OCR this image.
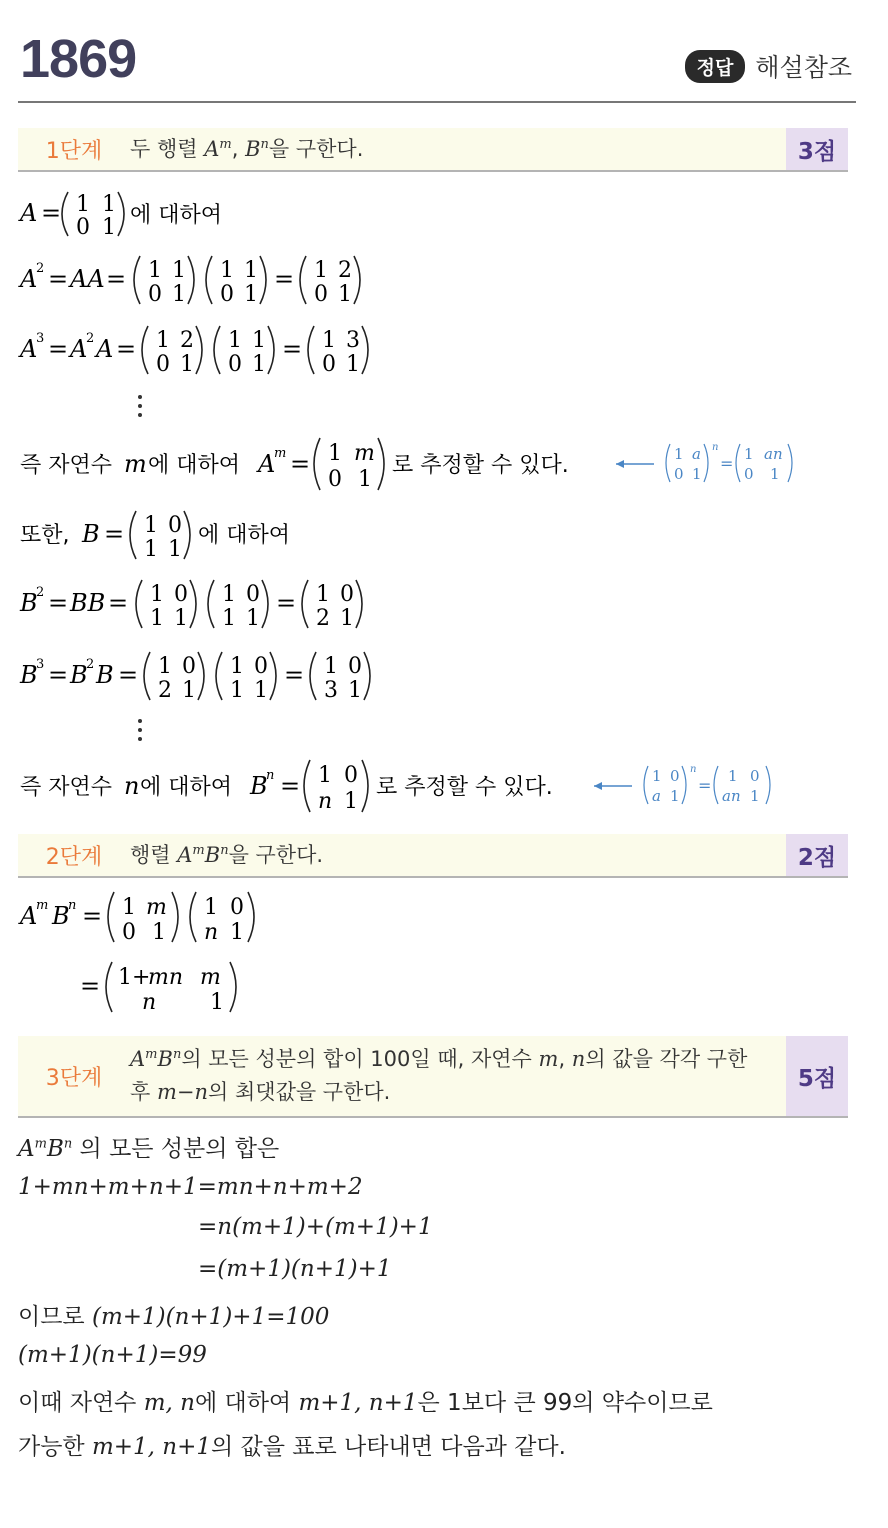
1869	정답 해설참조
1단계	두 행렬 $A^m$, $B^n$을 구한다.	3점
A = 1 1
0 1 에 대하여
A
2 = AA = 1 1
0 1
1 1
0 1
= 1 2
0 1
A
3 = A
2 A = 1 2
0 1
1 1
0 1
= 1 3
0 1
즉 자연수 m 에 대하여 A
m = 1 m
0 1
로 추정할 수 있다.	1 a
0 1
n
= 1 an
0 1
또한, B = 1 0
1 1
에 대하여
B
2 = BB = 1 0
1 1
1 0
1 1
= 1 0
2 1
B
3 = B
2 B = 1 0
2 1
1 0
1 1
= 1 0
3 1
즉 자연수 n 에 대하여 B
n = 1 0
n 1
로 추정할 수 있다.	1 0
a 1
n
= 1 0
an 1
2단계	행렬 $A^mB^n$을 구한다.	2점
A
m B
n = 1 m
0 1
1 0
n 1
= 1+
mn m
n 1
3단계
$A^mB^n$의 모든 성분의 합이 100일 때, 자연수 m, n의 값을 각각 구한
후 m−n의 최댓값을 구한다.
5점
$A^mB^n$ 의 모든 성분의 합은
1+mn+m+n+1=mn+n+m+2
=n(m+1)+(m+1)+1
=(m+1)(n+1)+1
이므로 (m+1)(n+1)+1=100
(m+1)(n+1)=99
이때 자연수 m, n에 대하여 m+1, n+1은 1보다 큰 99의 약수이므로
가능한 m+1, n+1의 값을 표로 나타내면 다음과 같다.
